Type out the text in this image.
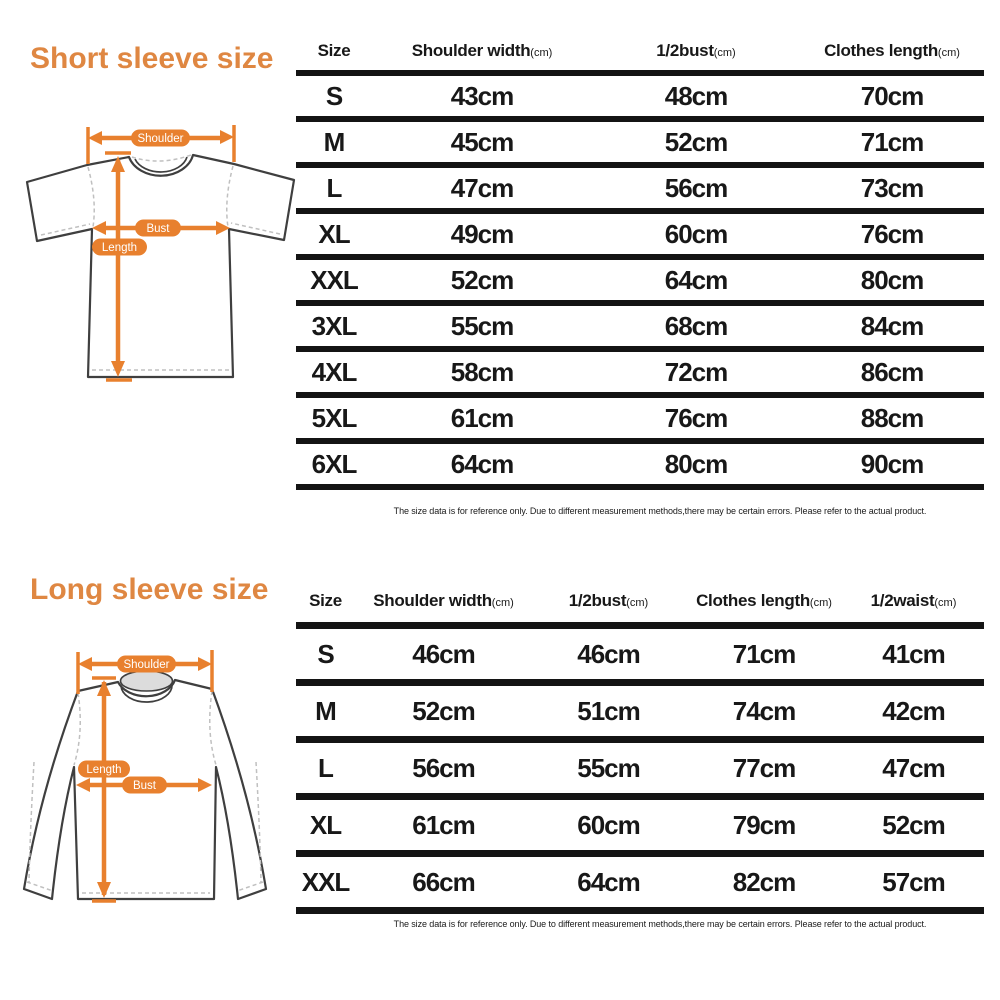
Short sleeve size
Shoulder
Length
Bust
Size	Shoulder width(cm)	1/2bust(cm)	Clothes length(cm)
S	43cm	48cm	70cm
M	45cm	52cm	71cm
L	47cm	56cm	73cm
XL	49cm	60cm	76cm
XXL	52cm	64cm	80cm
3XL	55cm	68cm	84cm
4XL	58cm	72cm	86cm
5XL	61cm	76cm	88cm
6XL	64cm	80cm	90cm
The size data is for reference only. Due to different measurement methods,there may be certain errors. Please refer to the actual product.
Long sleeve size
Shoulder
Length
Bust
Size	Shoulder width(cm)	1/2bust(cm)	Clothes length(cm)	1/2waist(cm)
S	46cm	46cm	71cm	41cm
M	52cm	51cm	74cm	42cm
L	56cm	55cm	77cm	47cm
XL	61cm	60cm	79cm	52cm
XXL	66cm	64cm	82cm	57cm
The size data is for reference only. Due to different measurement methods,there may be certain errors. Please refer to the actual product.
